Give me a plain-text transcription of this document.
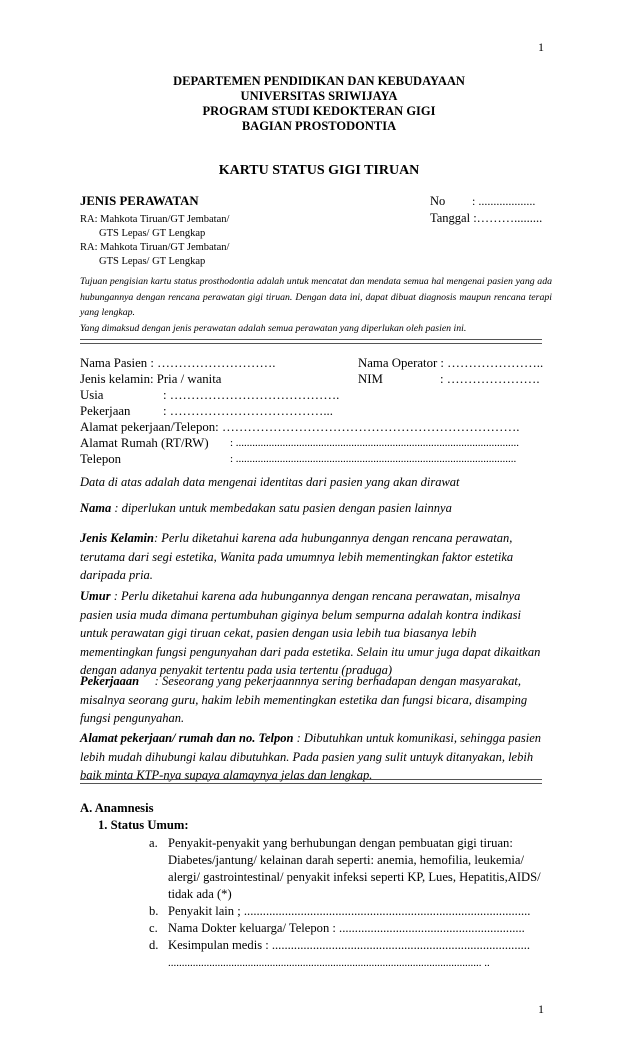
1
DEPARTEMEN PENDIDIKAN DAN KEBUDAYAAN
UNIVERSITAS SRIWIJAYA
PROGRAM STUDI KEDOKTERAN GIGI
BAGIAN PROSTODONTIA
KARTU STATUS GIGI TIRUAN
JENIS PERAWATAN	No : ...................
Tanggal :……….........
RA: Mahkota Tiruan/GT Jembatan/
GTS Lepas/ GT Lengkap
RA: Mahkota Tiruan/GT Jembatan/
GTS Lepas/ GT Lengkap
Tujuan pengisian kartu status prosthodontia adalah untuk mencatat dan mendata semua hal mengenai pasien yang ada hubungannya dengan rencana perawatan gigi tiruan. Dengan data ini, dapat dibuat diagnosis maupun rencana terapi yang lengkap.
Yang dimaksud dengan jenis perawatan adalah semua perawatan yang diperlukan oleh pasien ini.
Nama Pasien : ……………………….	Nama Operator : …………………..
Jenis kelamin: Pria / wanita	NIM	: ………………….
Usia	: ………………………………….
Pekerjaan	: ………………………………...
Alamat pekerjaan/Telepon: …………………………………………………………….
Alamat Rumah (RT/RW) : .......................................................................................................
Telepon	: ......................................................................................................
Data di atas adalah data mengenai identitas dari pasien yang akan dirawat
Nama : diperlukan untuk membedakan satu pasien dengan pasien lainnya
Jenis Kelamin: Perlu diketahui karena ada hubungannya dengan rencana perawatan, terutama dari segi estetika, Wanita pada umumnya lebih mementingkan faktor estetika daripada pria.
Umur : Perlu diketahui karena ada hubungannya dengan rencana perawatan, misalnya pasien usia muda dimana pertumbuhan giginya belum sempurna adalah kontra indikasi untuk perawatan gigi tiruan cekat, pasien dengan usia lebih tua biasanya lebih mementingkan fungsi pengunyahan dari pada estetika. Selain itu umur juga dapat dikaitkan dengan adanya penyakit tertentu pada usia tertentu (praduga)
Pekerjaaan     : Seseorang yang pekerjaannnya sering berhadapan dengan masyarakat, misalnya seorang guru, hakim lebih mementingkan estetika dan fungsi bicara, disamping fungsi pengunyahan.
Alamat pekerjaan/ rumah dan no. Telpon : Dibutuhkan untuk komunikasi, sehingga pasien lebih mudah dihubungi kalau dibutuhkan. Pada pasien yang sulit untuyk ditanyakan, lebih baik minta KTP-nya supaya alamaynya jelas dan lengkap.
A. Anamnesis
1. Status Umum:
a. Penyakit-penyakit yang berhubungan dengan pembuatan gigi tiruan:
Diabetes/jantung/ kelainan darah seperti: anemia, hemofilia, leukemia/
alergi/ gastrointestinal/ penyakit infeksi seperti KP, Lues, Hepatitis,AIDS/
tidak ada (*)
b. Penyakit lain ; ...........................................................................................
c. Nama Dokter keluarga/ Telepon : ...........................................................
d. Kesimpulan medis : ..................................................................................
.................................................................................................................. ..
1
